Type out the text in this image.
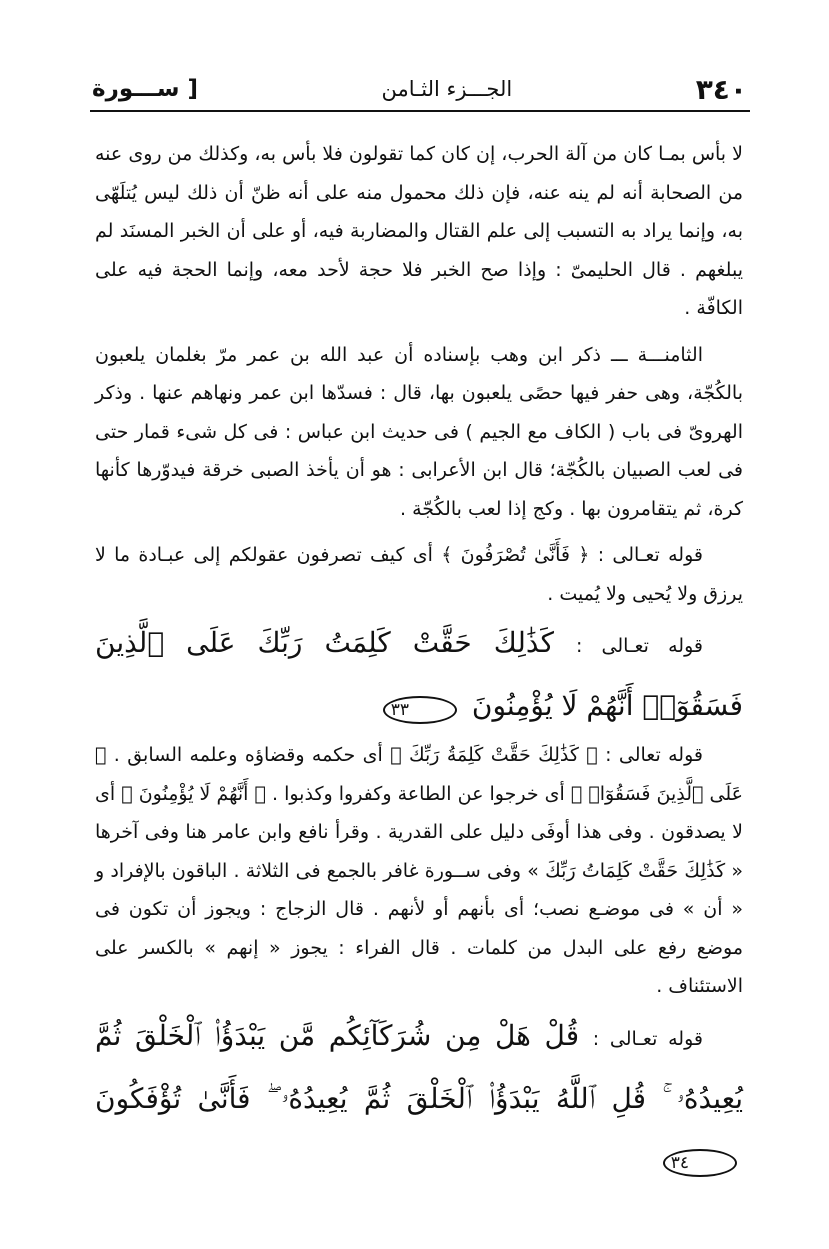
٣٤٠
الجـــزء الثـامن
[ ســـورة

لا بأس بمـا كان من آلة الحرب، إن كان كما تقولون فلا بأس به، وكذلك من روى عنه من الصحابة أنه لم ينه عنه، فإن ذلك محمول منه على أنه ظنّ أن ذلك ليس يُتلَهّى به، وإنما يراد به التسبب إلى علم القتال والمضاربة فيه، أو على أن الخبر المسنَد لم يبلغهم . قال الحليمىّ : وإذا صح الخبر فلا حجة لأحد معه، وإنما الحجة فيه على الكافّة .

الثامنـــة ـــ ذكر ابن وهب بإسناده أن عبد الله بن عمر مرّ بغلمان يلعبون بالكُجّة، وهى حفر فيها حصًى يلعبون بها، قال : فسدّها ابن عمر ونهاهم عنها . وذكر الهروىّ فى باب ( الكاف مع الجيم ) فى حديث ابن عباس : فى كل شىء قمار حتى فى لعب الصبيان بالكُجّة؛ قال ابن الأعرابى : هو أن يأخذ الصبى خرقة فيدوّرها كأنها كرة، ثم يتقامرون بها . وكج إذا لعب بالكُجّة .

قوله تعـالى : ﴿ فَأَنَّىٰ تُصْرَفُونَ ﴾ أى كيف تصرفون عقولكم إلى عبـادة ما لا يرزق ولا يُحيى ولا يُميت .

قوله تعـالى : كَذَٰلِكَ حَقَّتْ كَلِمَتُ رَبِّكَ عَلَى ٱلَّذِينَ فَسَقُوٓا۟ أَنَّهُمْ لَا يُؤْمِنُونَ ٣٣

قوله تعالى : ﴿ كَذَٰلِكَ حَقَّتْ كَلِمَةُ رَبِّكَ ﴾ أى حكمه وقضاؤه وعلمه السابق . ﴿ عَلَى ٱلَّذِينَ فَسَقُوٓا۟ ﴾ أى خرجوا عن الطاعة وكفروا وكذبوا . ﴿ أَنَّهُمْ لَا يُؤْمِنُونَ ﴾ أى لا يصدقون . وفى هذا أوفَى دليل على القدرية . وقرأ نافع وابن عامر هنا وفى آخرها « كَذَٰلِكَ حَقَّتْ كَلِمَاتُ رَبِّكَ » وفى ســورة غافر بالجمع فى الثلاثة . الباقون بالإفراد و « أن » فى موضـع نصب؛ أى بأنهم أو لأنهم . قال الزجاج : ويجوز أن تكون فى موضع رفع على البدل من كلمات . قال الفراء : يجوز « إنهم » بالكسر على الاستئناف .

قوله تعـالى : قُلْ هَلْ مِن شُرَكَآئِكُم مَّن يَبْدَؤُا۟ ٱلْخَلْقَ ثُمَّ يُعِيدُهُۥ ۚ قُلِ ٱللَّهُ يَبْدَؤُا۟ ٱلْخَلْقَ ثُمَّ يُعِيدُهُۥ ۖ فَأَنَّىٰ تُؤْفَكُونَ ٣٤
